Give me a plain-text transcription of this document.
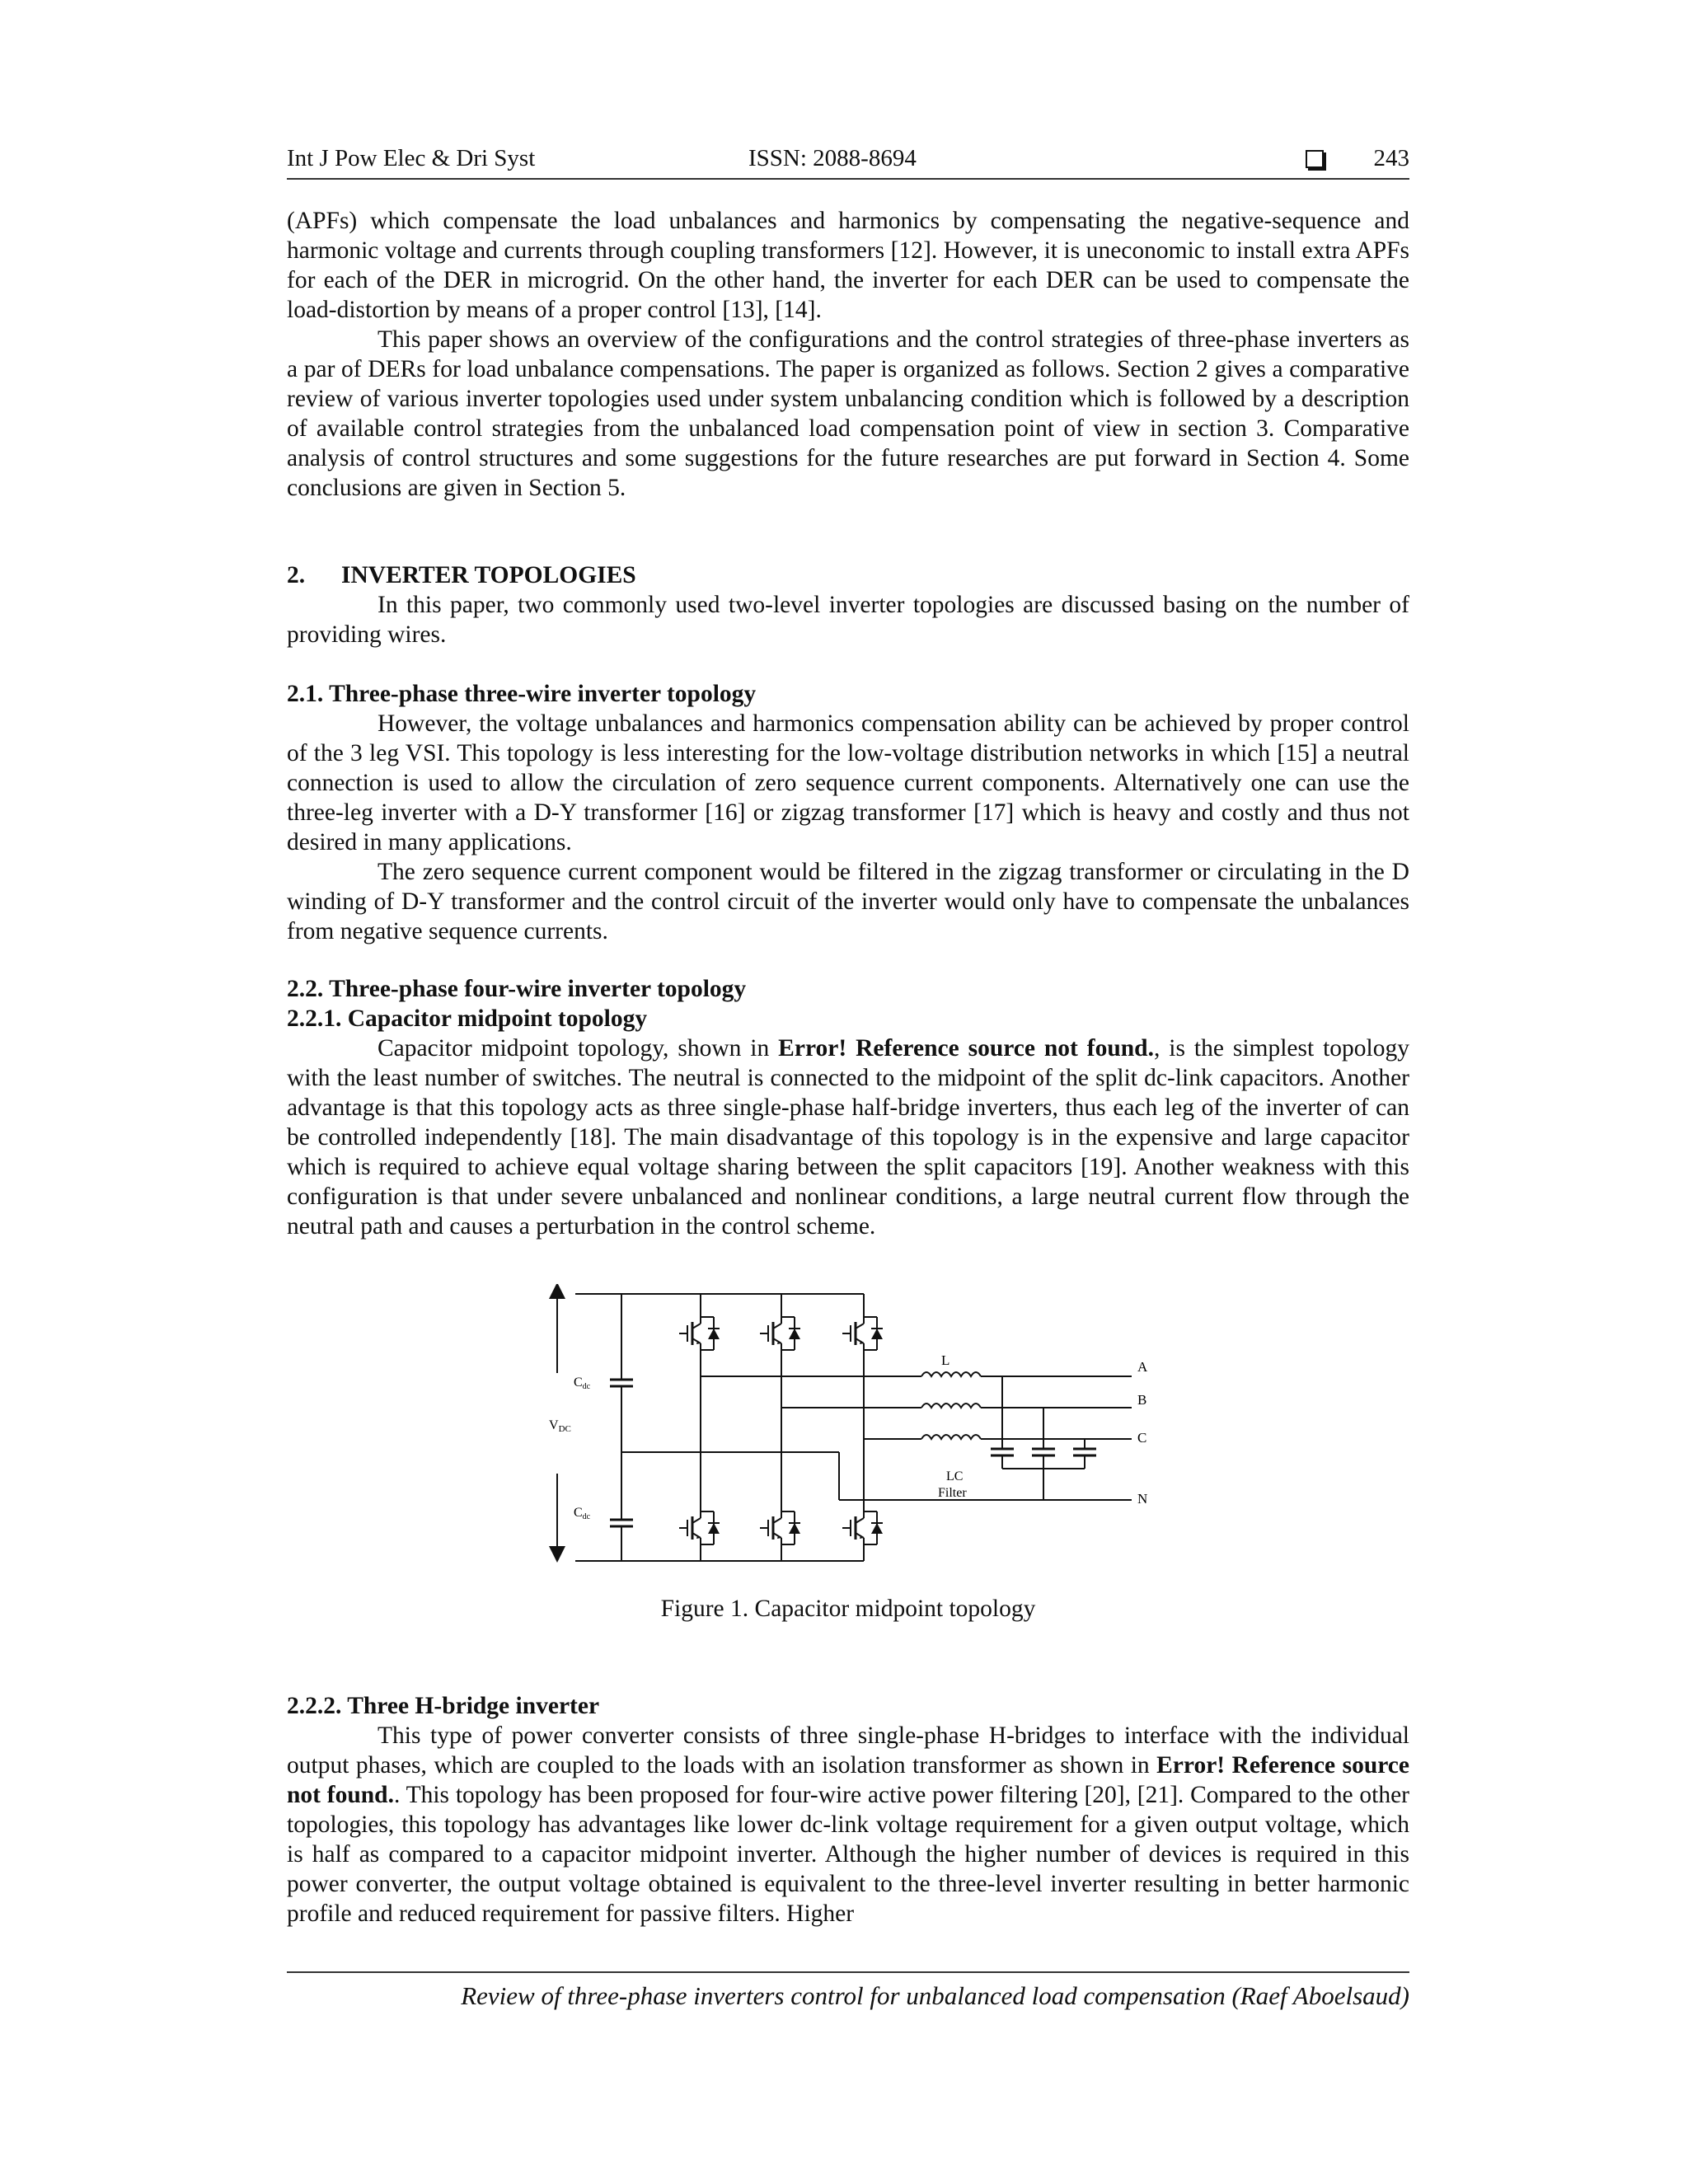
Int J Pow Elec & Dri Syst	ISSN: 2088-8694	243

(APFs) which compensate the load unbalances and harmonics by compensating the negative-sequence and harmonic voltage and currents through coupling transformers [12]. However, it is uneconomic to install extra APFs for each of the DER in microgrid. On the other hand, the inverter for each DER can be used to compensate the load-distortion by means of a proper control [13], [14].

This paper shows an overview of the configurations and the control strategies of three-phase inverters as a par of DERs for load unbalance compensations. The paper is organized as follows. Section 2 gives a comparative review of various inverter topologies used under system unbalancing condition which is followed by a description of available control strategies from the unbalanced load compensation point of view in section 3. Comparative analysis of control structures and some suggestions for the future researches are put forward in Section 4. Some conclusions are given in Section 5.

2. INVERTER TOPOLOGIES

In this paper, two commonly used two-level inverter topologies are discussed basing on the number of providing wires.

2.1. Three-phase three-wire inverter topology

However, the voltage unbalances and harmonics compensation ability can be achieved by proper control of the 3 leg VSI. This topology is less interesting for the low-voltage distribution networks in which [15] a neutral connection is used to allow the circulation of zero sequence current components. Alternatively one can use the three-leg inverter with a D-Y transformer [16] or zigzag transformer [17] which is heavy and costly and thus not desired in many applications.

The zero sequence current component would be filtered in the zigzag transformer or circulating in the D winding of D-Y transformer and the control circuit of the inverter would only have to compensate the unbalances from negative sequence currents.

2.2. Three-phase four-wire inverter topology
2.2.1. Capacitor midpoint topology

Capacitor midpoint topology, shown in Error! Reference source not found., is the simplest topology with the least number of switches. The neutral is connected to the midpoint of the split dc-link capacitors. Another advantage is that this topology acts as three single-phase half-bridge inverters, thus each leg of the inverter of can be controlled independently [18]. The main disadvantage of this topology is in the expensive and large capacitor which is required to achieve equal voltage sharing between the split capacitors [19]. Another weakness with this configuration is that under severe unbalanced and nonlinear conditions, a large neutral current flow through the neutral path and causes a perturbation in the control scheme.

VDC
Cdc
Cdc
L	A
B
C
N
LC
Filter
Figure 1. Capacitor midpoint topology
2.2.2. Three H-bridge inverter

This type of power converter consists of three single-phase H-bridges to interface with the individual output phases, which are coupled to the loads with an isolation transformer as shown in Error! Reference source not found.. This topology has been proposed for four-wire active power filtering [20], [21]. Compared to the other topologies, this topology has advantages like lower dc-link voltage requirement for a given output voltage, which is half as compared to a capacitor midpoint inverter. Although the higher number of devices is required in this power converter, the output voltage obtained is equivalent to the three-level inverter resulting in better harmonic profile and reduced requirement for passive filters. Higher

Review of three-phase inverters control for unbalanced load compensation (Raef Aboelsaud)
